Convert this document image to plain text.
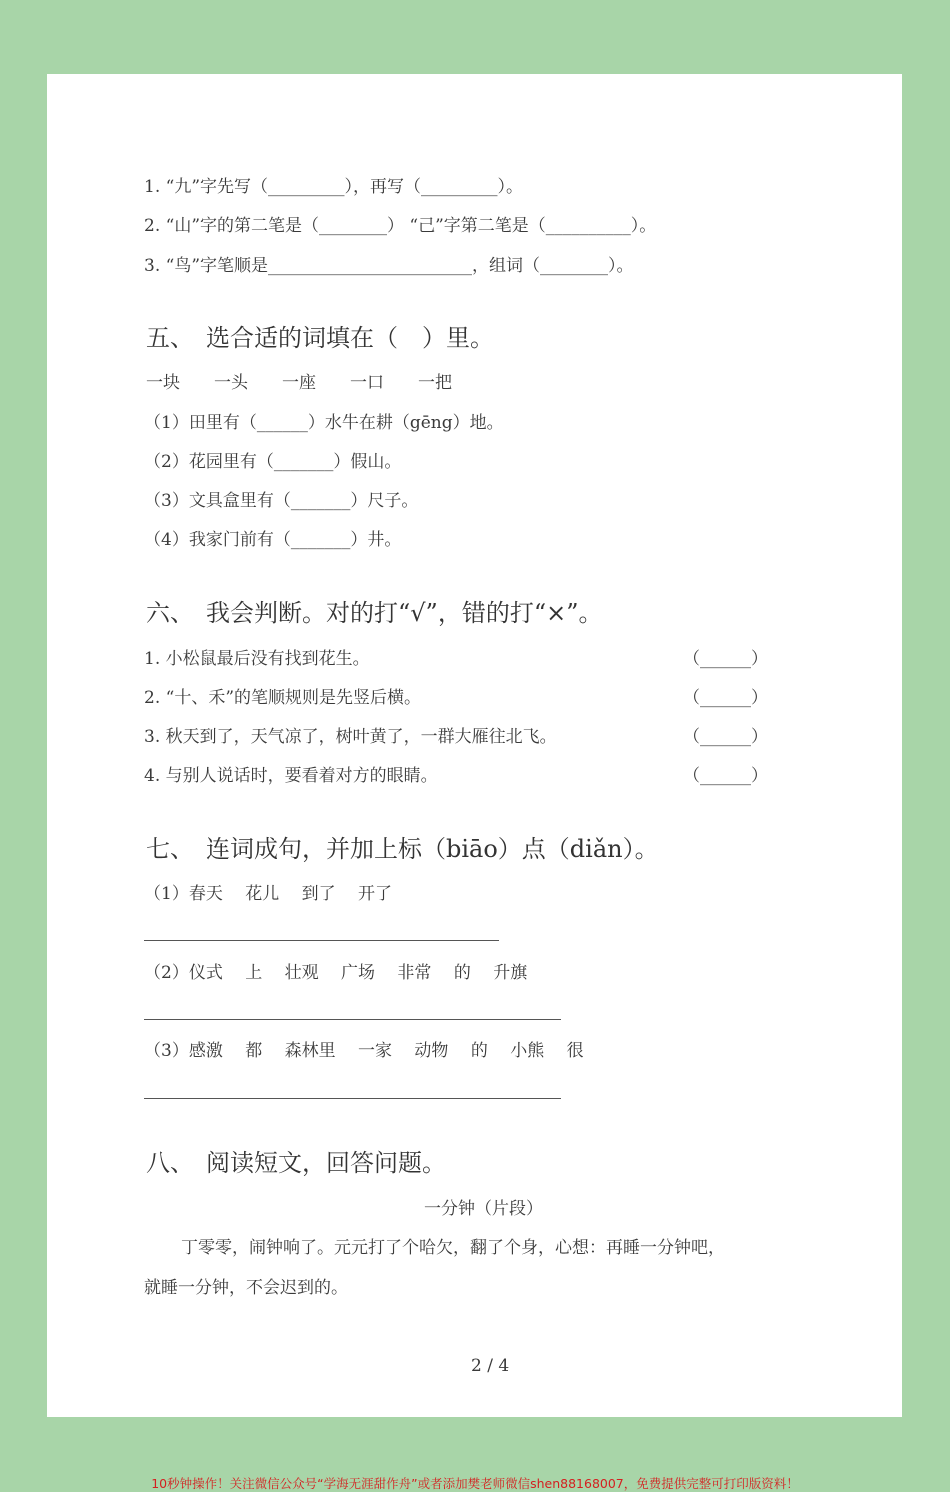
1. “九”字先写（_________），再写（_________）。
2. “山”字的第二笔是（________） “己”字第二笔是（__________）。
3. “鸟”字笔顺是________________________，组词（________）。
五、　选合适的词填在（　）里。
一块　　一头　　一座　　一口　　一把
（1）田里有（______）水牛在耕（gēng）地。
（2）花园里有（_______）假山。
（3）文具盒里有（_______）尺子。
（4）我家门前有（_______）井。
六、　我会判断。对的打“√”，错的打“×”。
1. 小松鼠最后没有找到花生。	（______）
2. “十、禾”的笔顺规则是先竖后横。	（______）
3. 秋天到了，天气凉了，树叶黄了，一群大雁往北飞。	（______）
4. 与别人说话时，要看着对方的眼睛。	（______）
七、　连词成句，并加上标（biāo）点（diǎn）。
（1）春天　 花儿　 到了　 开了
（2）仪式　 上　 壮观　 广场　 非常　 的　 升旗
（3）感激　 都　 森林里　 一家　 动物　 的　 小熊　 很
八、　阅读短文，回答问题。
一分钟（片段）
丁零零，闹钟响了。元元打了个哈欠，翻了个身，心想：再睡一分钟吧，
就睡一分钟，不会迟到的。
2 / 4
10秒钟操作！关注微信公众号“学海无涯甜作舟”或者添加樊老师微信shen88168007，免费提供完整可打印版资料！
